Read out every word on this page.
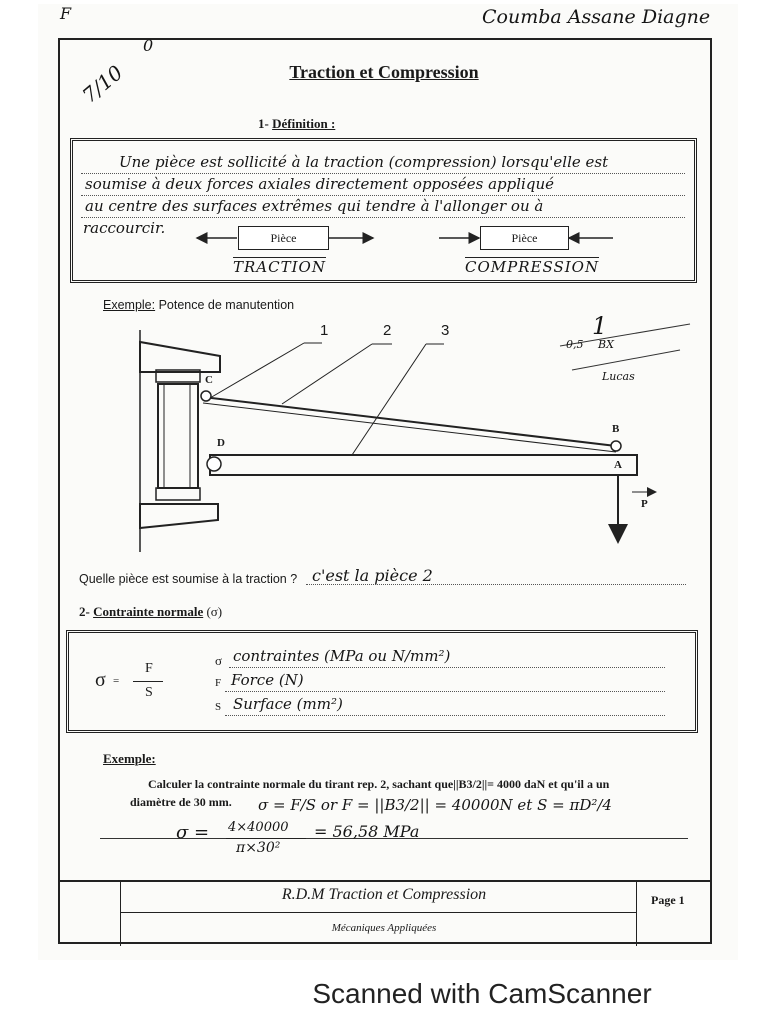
Coumba Assane Diagne
F
0
7/10	Traction et Compression
1- Définition :
Une pièce est sollicité à la traction (compression) lorsqu'elle est
soumise à deux forces axiales directement opposées appliqué
au centre des surfaces extrêmes qui tendre à l'allonger ou à
raccourcir.
Pièce	Pièce
TRACTION	COMPRESSION
Exemple: Potence de manutention
1	2	3
C
D
B
A
P
1
0,5 BX
Lucas
Quelle pièce est soumise à la traction ? c'est la pièce 2
2- Contrainte normale (σ)
σ =
F
S
σ contraintes (MPa ou N/mm²)
F Force (N)
S Surface (mm²)
Exemple:
Calculer la contrainte normale du tirant rep. 2, sachant que||B3/2||= 4000 daN et qu'il a un
diamètre de 30 mm.	σ = F/S or F = ||B3/2|| = 40000N et S = πD²/4
σ = 4×40000
π×30²
= 56,58 MPa
R.D.M Traction et Compression
Mécaniques Appliquées
Page 1
Scanned with CamScanner
